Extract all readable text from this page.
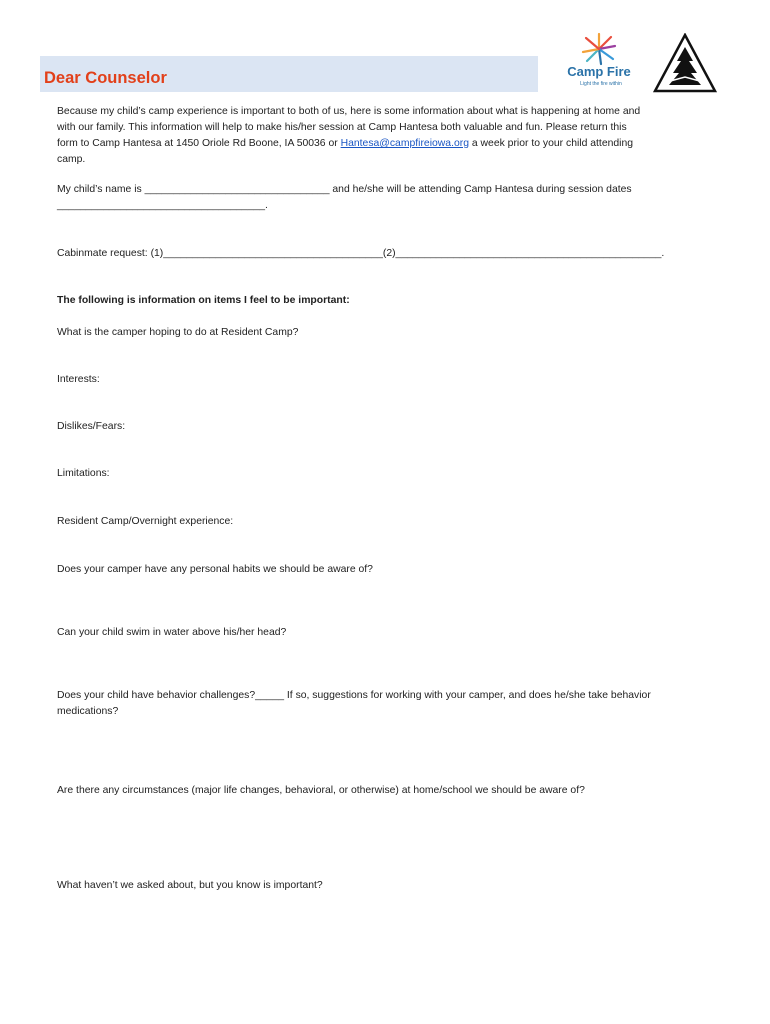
Dear Counselor	Camp Fire
Light the fire within

Because my child’s camp experience is important to both of us, here is some information about what is happening at home and

with our family. This information will help to make his/her session at Camp Hantesa both valuable and fun. Please return this

form to Camp Hantesa at 1450 Oriole Rd Boone, IA 50036 or Hantesa@campfireiowa.org a week prior to your child attending

camp.

My child’s name is ________________________________ and he/she will be attending Camp Hantesa during session dates

____________________________________.

Cabinmate request: (1)______________________________________(2)______________________________________________.

The following is information on items I feel to be important:

What is the camper hoping to do at Resident Camp?

Interests:

Dislikes/Fears:

Limitations:

Resident Camp/Overnight experience:

Does your camper have any personal habits we should be aware of?

Can your child swim in water above his/her head?

Does your child have behavior challenges?_____ If so, suggestions for working with your camper, and does he/she take behavior

medications?

Are there any circumstances (major life changes, behavioral, or otherwise) at home/school we should be aware of?

What haven’t we asked about, but you know is important?
